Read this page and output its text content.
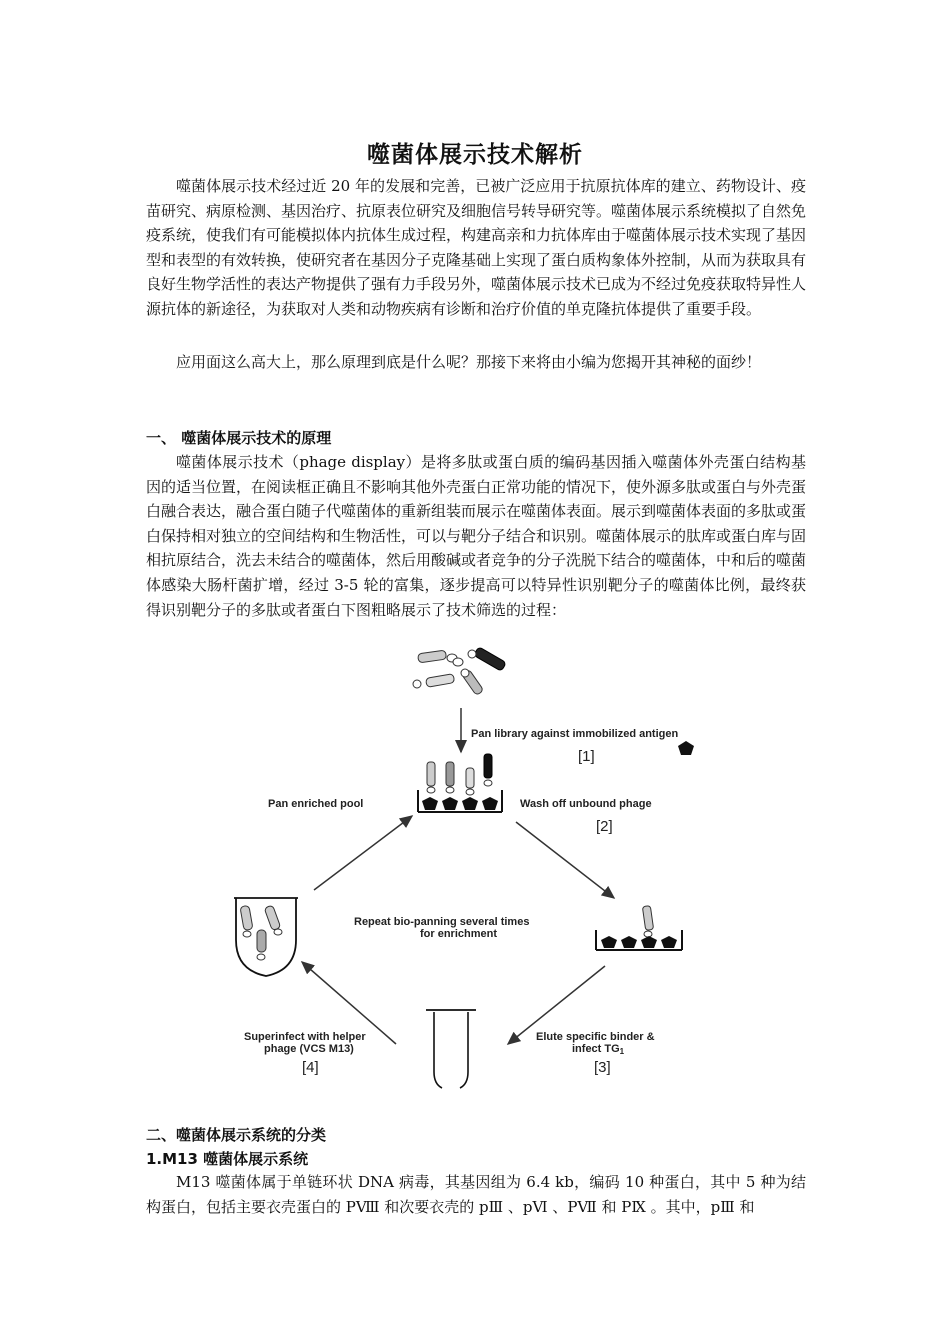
噬菌体展示技术解析

噬菌体展示技术经过近 20 年的发展和完善，已被广泛应用于抗原抗体库的建立、药物设计、疫苗研究、病原检测、基因治疗、抗原表位研究及细胞信号转导研究等。噬菌体展示系统模拟了自然免疫系统，使我们有可能模拟体内抗体生成过程，构建高亲和力抗体库由于噬菌体展示技术实现了基因型和表型的有效转换，使研究者在基因分子克隆基础上实现了蛋白质构象体外控制，从而为获取具有良好生物学活性的表达产物提供了强有力手段另外，噬菌体展示技术已成为不经过免疫获取特异性人源抗体的新途径，为获取对人类和动物疾病有诊断和治疗价值的单克隆抗体提供了重要手段。

应用面这么高大上，那么原理到底是什么呢？那接下来将由小编为您揭开其神秘的面纱！

一、 噬菌体展示技术的原理

噬菌体展示技术（phage display）是将多肽或蛋白质的编码基因插入噬菌体外壳蛋白结构基因的适当位置，在阅读框正确且不影响其他外壳蛋白正常功能的情况下，使外源多肽或蛋白与外壳蛋白融合表达，融合蛋白随子代噬菌体的重新组装而展示在噬菌体表面。展示到噬菌体表面的多肽或蛋白保持相对独立的空间结构和生物活性，可以与靶分子结合和识别。噬菌体展示的肽库或蛋白库与固相抗原结合，洗去未结合的噬菌体，然后用酸碱或者竞争的分子洗脱下结合的噬菌体，中和后的噬菌体感染大肠杆菌扩增，经过 3-5 轮的富集，逐步提高可以特异性识别靶分子的噬菌体比例，最终获得识别靶分子的多肽或者蛋白下图粗略展示了技术筛选的过程：

Pan library against immobilized antigen
[1]
Pan enriched pool	Wash off unbound phage
[2]
Repeat bio-panning several times
for enrichment
Superinfect with helper
phage (VCS M13)
[4]
Elute specific binder &
infect TG1
[3]
二、噬菌体展示系统的分类
1.M13 噬菌体展示系统

M13 噬菌体属于单链环状 DNA 病毒，其基因组为 6.4 kb，编码 10 种蛋白，其中 5 种为结构蛋白，包括主要衣壳蛋白的 PⅧ 和次要衣壳的 pⅢ 、pⅥ 、PⅦ 和 PⅨ 。其中，pⅢ 和
